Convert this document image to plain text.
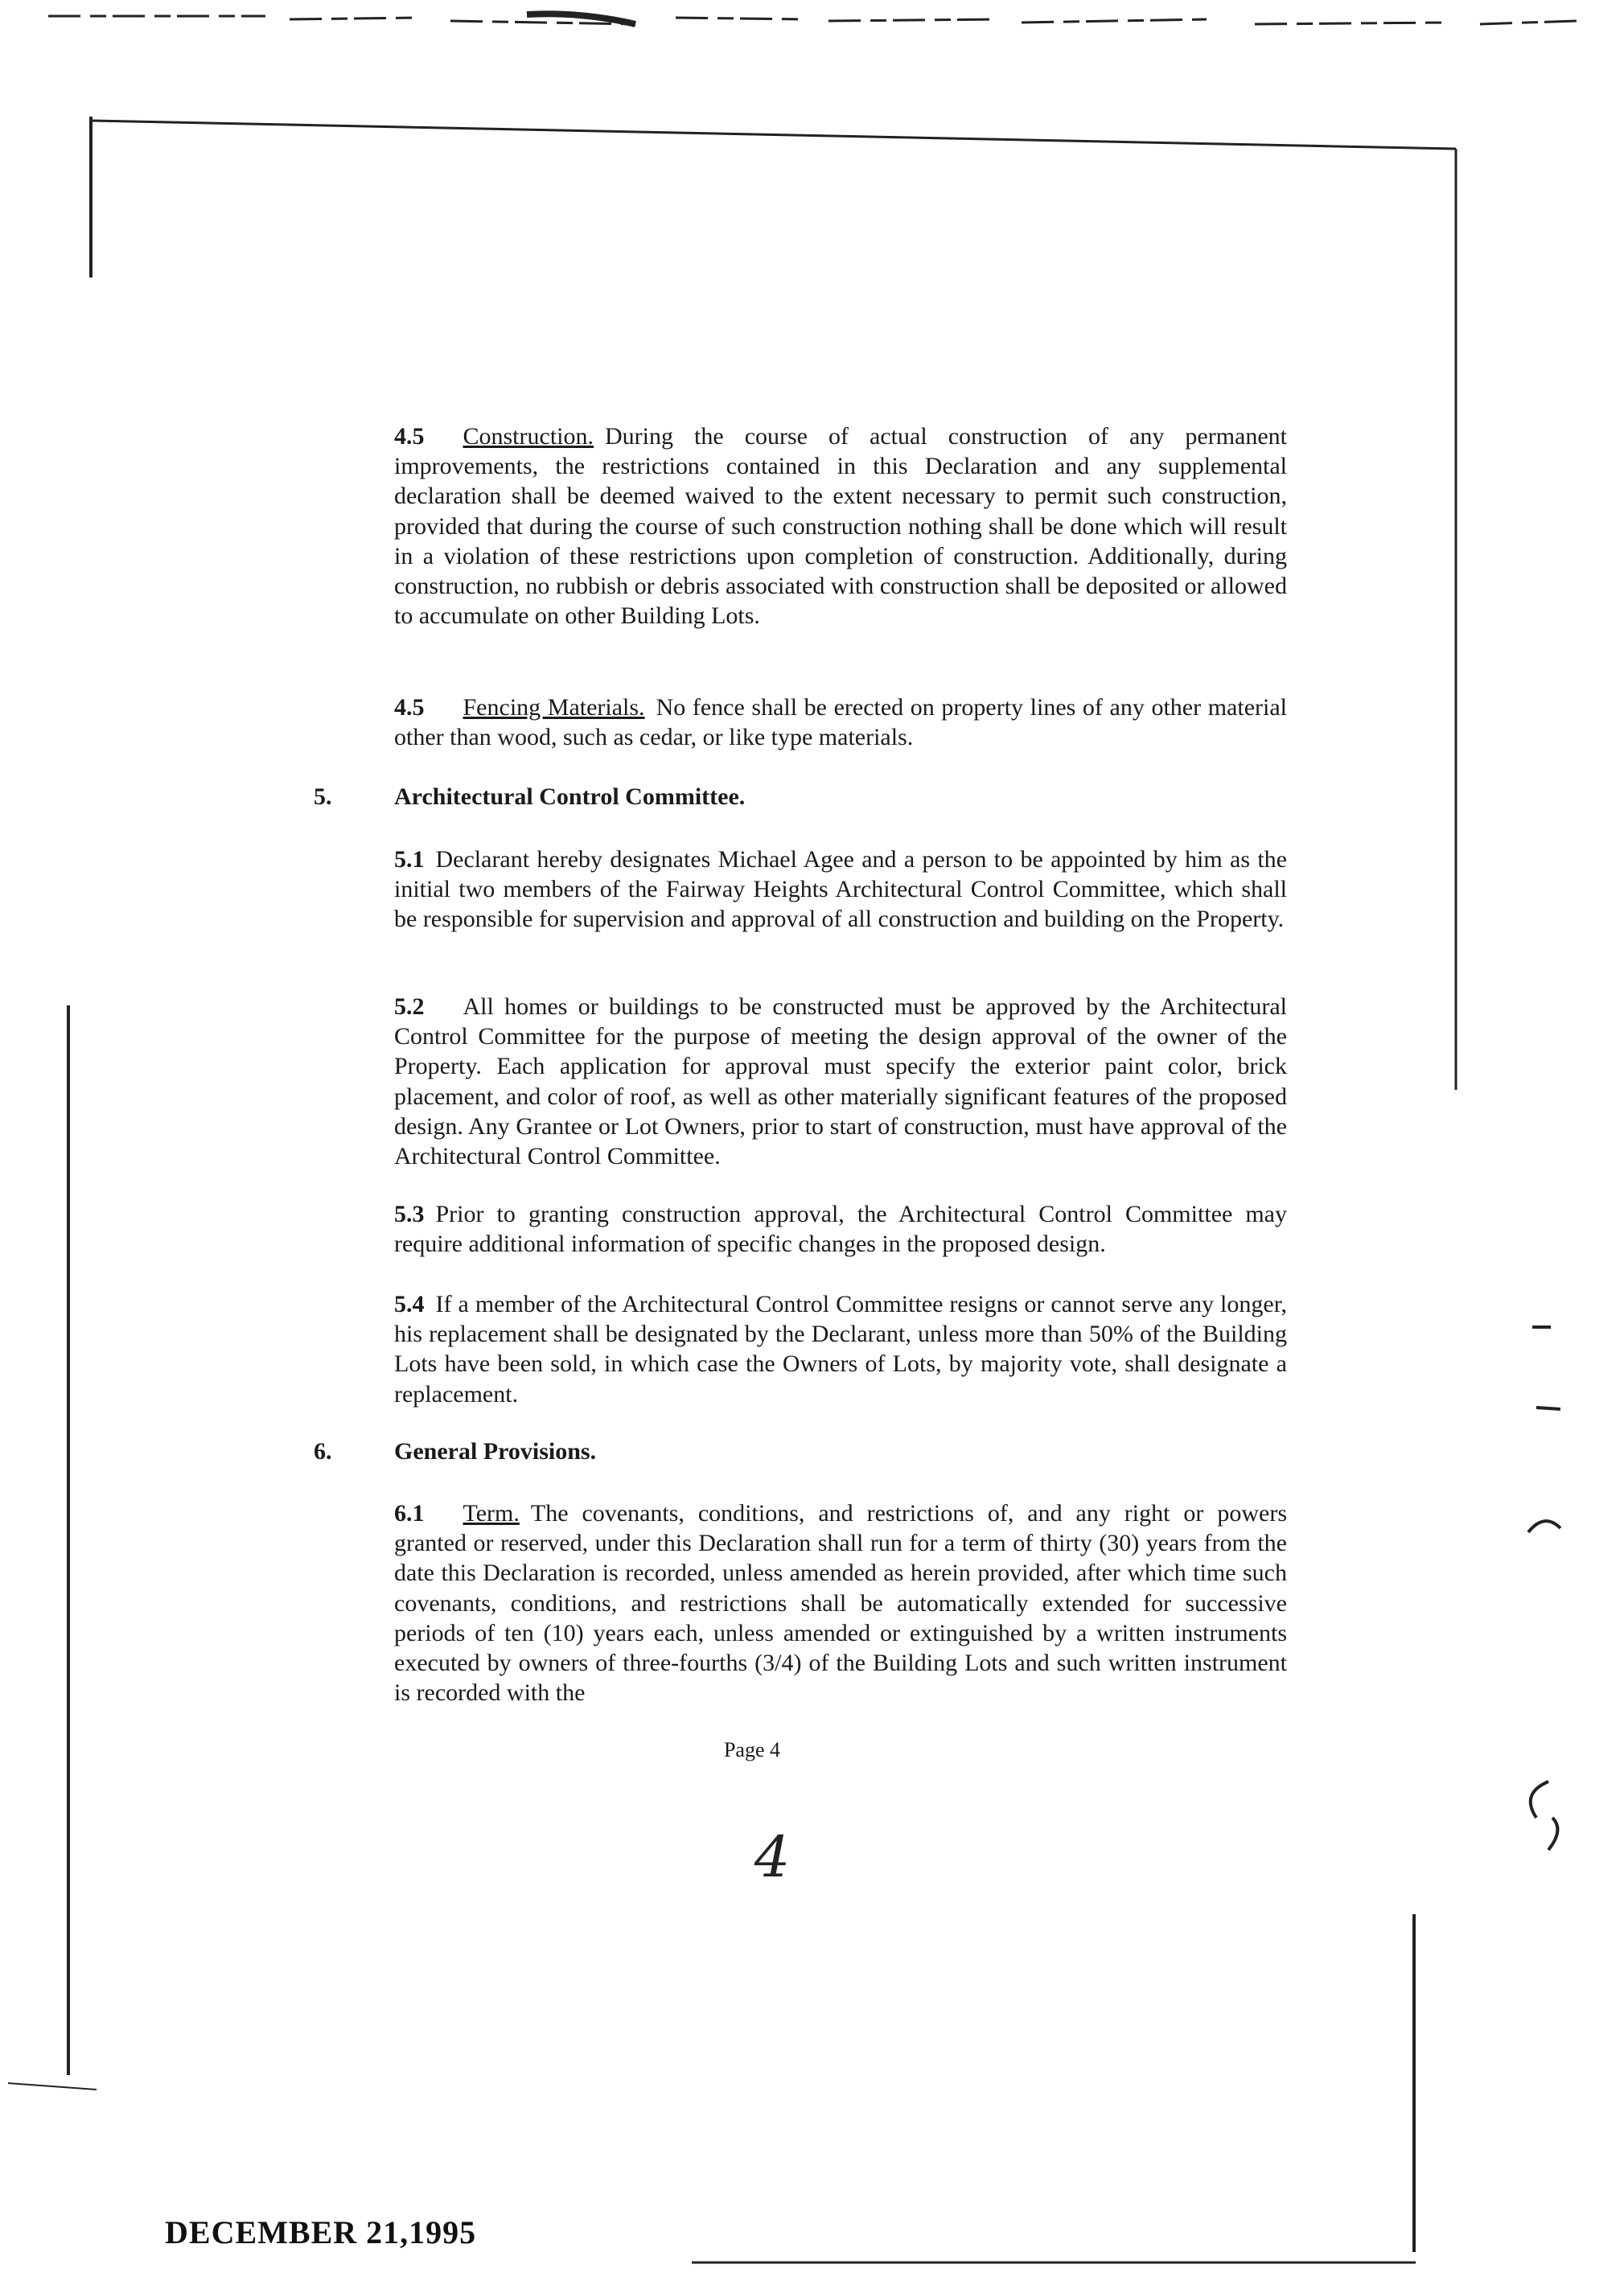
4.5 Construction. During the course of actual construction of any permanent improvements, the restrictions contained in this Declaration and any supplemental declaration shall be deemed waived to the extent necessary to permit such construction, provided that during the course of such construction nothing shall be done which will result in a violation of these restrictions upon completion of construction. Additionally, during construction, no rubbish or debris associated with construction shall be deposited or allowed to accumulate on other Building Lots.

4.5 Fencing Materials. No fence shall be erected on property lines of any other material other than wood, such as cedar, or like type materials.

5.	Architectural Control Committee.

5.1 Declarant hereby designates Michael Agee and a person to be appointed by him as the initial two members of the Fairway Heights Architectural Control Committee, which shall be responsible for supervision and approval of all construction and building on the Property.

5.2 All homes or buildings to be constructed must be approved by the Architectural Control Committee for the purpose of meeting the design approval of the owner of the Property. Each application for approval must specify the exterior paint color, brick placement, and color of roof, as well as other materially significant features of the proposed design. Any Grantee or Lot Owners, prior to start of construction, must have approval of the Architectural Control Committee.

5.3 Prior to granting construction approval, the Architectural Control Committee may require additional information of specific changes in the proposed design.

5.4 If a member of the Architectural Control Committee resigns or cannot serve any longer, his replacement shall be designated by the Declarant, unless more than 50% of the Building Lots have been sold, in which case the Owners of Lots, by majority vote, shall designate a replacement.

6.	General Provisions.

6.1 Term. The covenants, conditions, and restrictions of, and any right or powers granted or reserved, under this Declaration shall run for a term of thirty (30) years from the date this Declaration is recorded, unless amended as herein provided, after which time such covenants, conditions, and restrictions shall be automatically extended for successive periods of ten (10) years each, unless amended or extinguished by a written instruments executed by owners of three-fourths (3/4) of the Building Lots and such written instrument is recorded with the

Page 4
4
DECEMBER 21,1995
